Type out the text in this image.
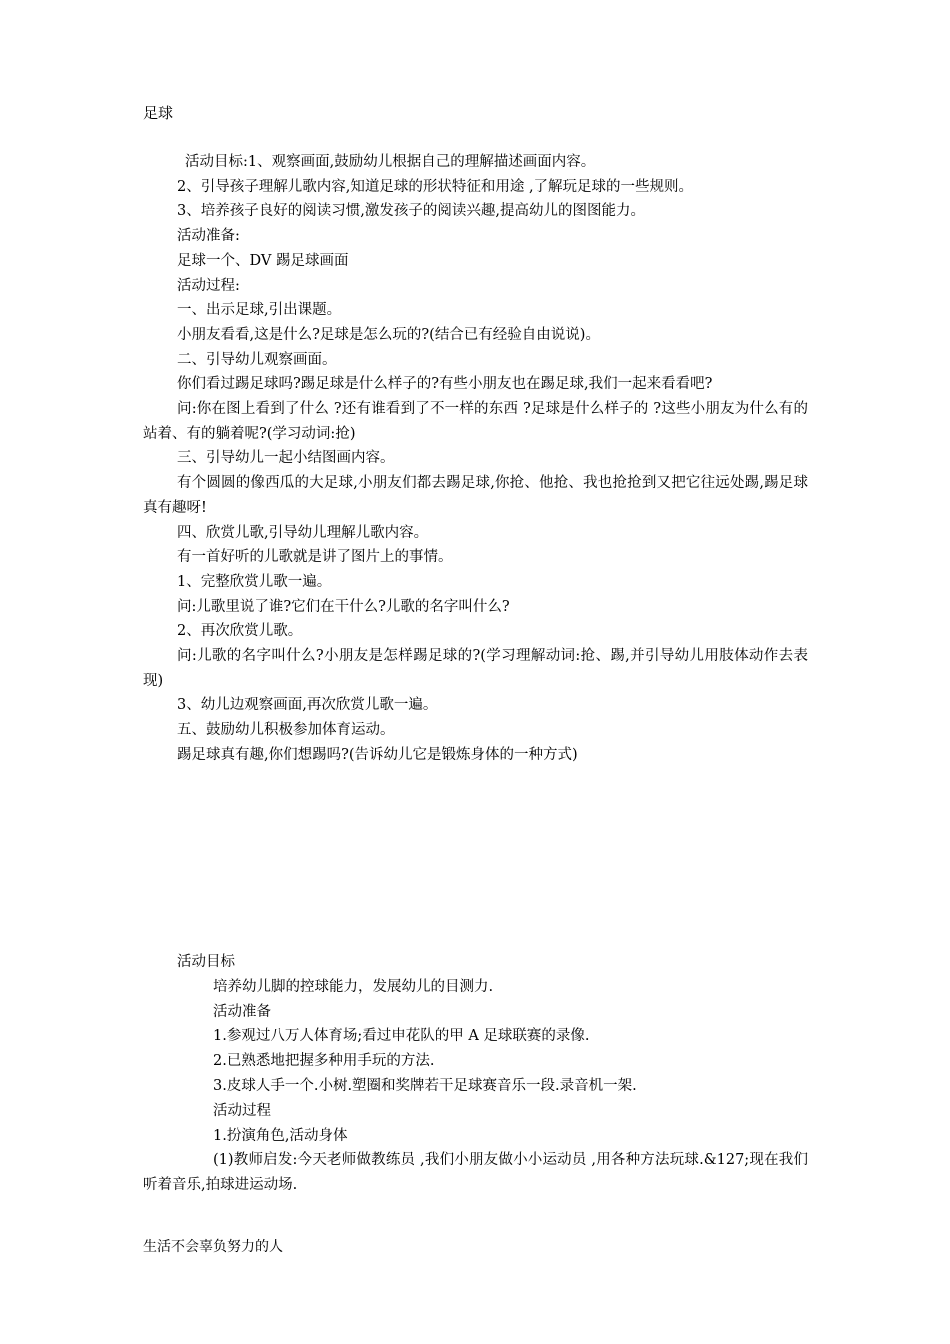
足球

活动目标:1、观察画面,鼓励幼儿根据自己的理解描述画面内容。

2、引导孩子理解儿歌内容,知道足球的形状特征和用途 ,了解玩足球的一些规则。

3、培养孩子良好的阅读习惯,激发孩子的阅读兴趣,提高幼儿的图图能力。

活动准备:

足球一个、DV 踢足球画面

活动过程:

一、出示足球,引出课题。

小朋友看看,这是什么?足球是怎么玩的?(结合已有经验自由说说)。

二、引导幼儿观察画面。

你们看过踢足球吗?踢足球是什么样子的?有些小朋友也在踢足球,我们一起来看看吧?

问:你在图上看到了什么 ?还有谁看到了不一样的东西 ?足球是什么样子的 ?这些小朋友为什么有的站着、有的躺着呢?(学习动词:抢)

三、引导幼儿一起小结图画内容。

有个圆圆的像西瓜的大足球,小朋友们都去踢足球,你抢、他抢、我也抢抢到又把它往远处踢,踢足球真有趣呀!

四、欣赏儿歌,引导幼儿理解儿歌内容。

有一首好听的儿歌就是讲了图片上的事情。

1、完整欣赏儿歌一遍。

问:儿歌里说了谁?它们在干什么?儿歌的名字叫什么?

2、再次欣赏儿歌。

问:儿歌的名字叫什么?小朋友是怎样踢足球的?(学习理解动词:抢、踢,并引导幼儿用肢体动作去表现)

3、幼儿边观察画面,再次欣赏儿歌一遍。

五、鼓励幼儿积极参加体育运动。

踢足球真有趣,你们想踢吗?(告诉幼儿它是锻炼身体的一种方式)

活动目标

培养幼儿脚的控球能力，发展幼儿的目测力.

活动准备

1.参观过八万人体育场;看过申花队的甲 A 足球联赛的录像.

2.已熟悉地把握多种用手玩的方法.

3.皮球人手一个.小树.塑圈和奖牌若干足球赛音乐一段.录音机一架.

活动过程

1.扮演角色,活动身体

(1)教师启发:今天老师做教练员 ,我们小朋友做小小运动员 ,用各种方法玩球.&127;现在我们听着音乐,拍球进运动场.

生活不会辜负努力的人
